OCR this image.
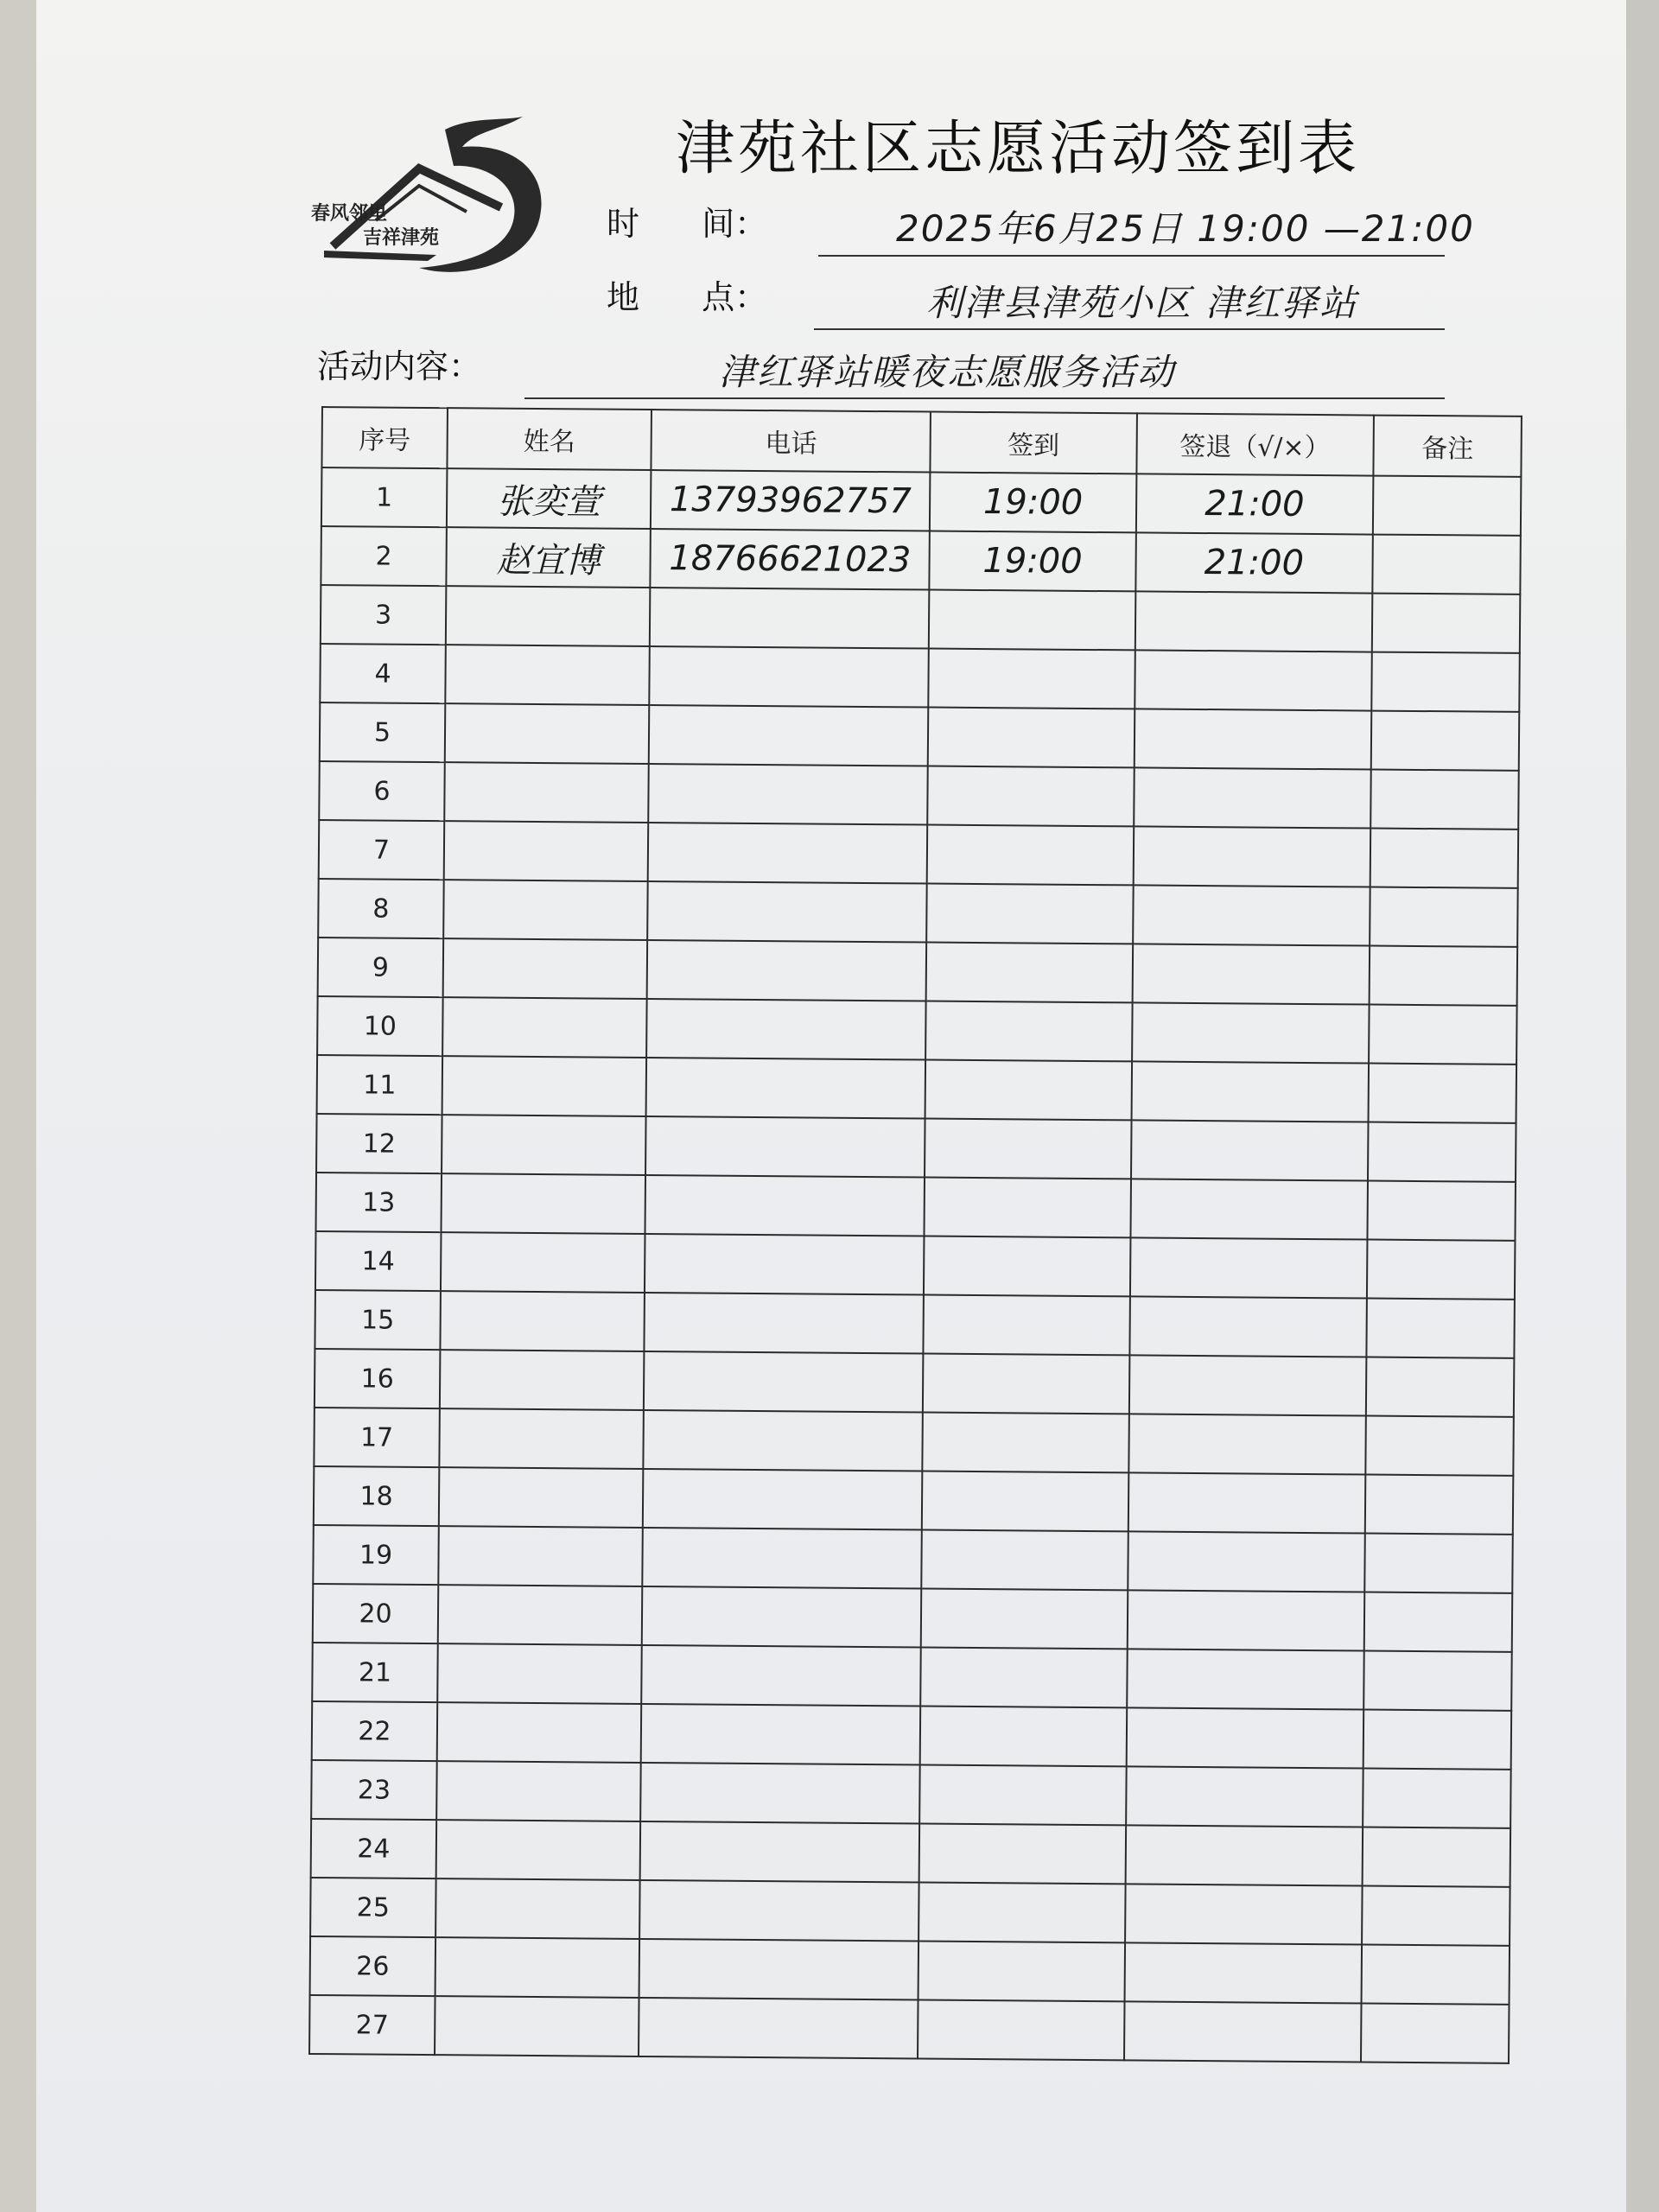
春风邻里
吉祥津苑
津苑社区志愿活动签到表
时 间：	2025年6月25日 19:00 —21:00
地 点：	利津县津苑小区 津红驿站
活动内容：	津红驿站暖夜志愿服务活动
序号	姓名	电话	签到	签退（√/×）	备注
1	张奕萱	13793962757	19:00	21:00	
2	赵宜博	18766621023	19:00	21:00	
3					
4					
5					
6					
7					
8					
9					
10					
11					
12					
13					
14					
15					
16					
17					
18					
19					
20					
21					
22					
23					
24					
25					
26					
27					
